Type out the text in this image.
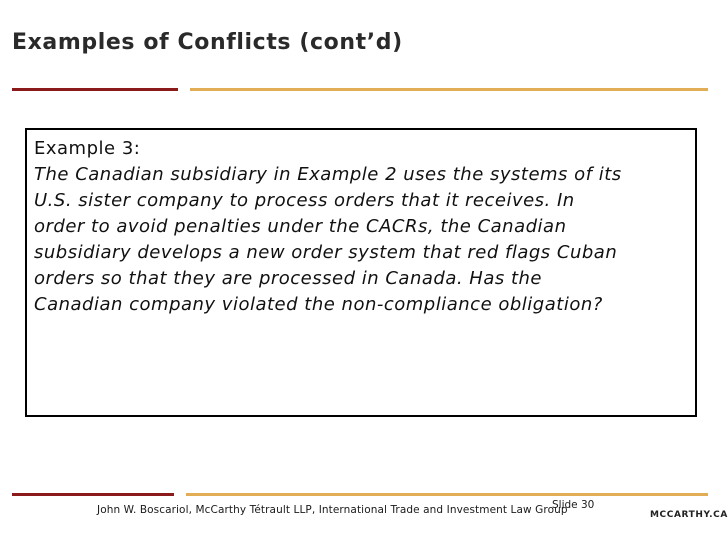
Examples of Conflicts (cont’d)
Example 3:
The Canadian subsidiary in Example 2 uses the systems of its
U.S. sister company to process orders that it receives. In
order to avoid penalties under the CACRs, the Canadian
subsidiary develops a new order system that red flags Cuban
orders so that they are processed in Canada. Has the
Canadian company violated the non-compliance obligation?
John W. Boscariol, McCarthy Tétrault LLP, International Trade and Investment Law Group
Slide 30
MCCARTHY.CA
